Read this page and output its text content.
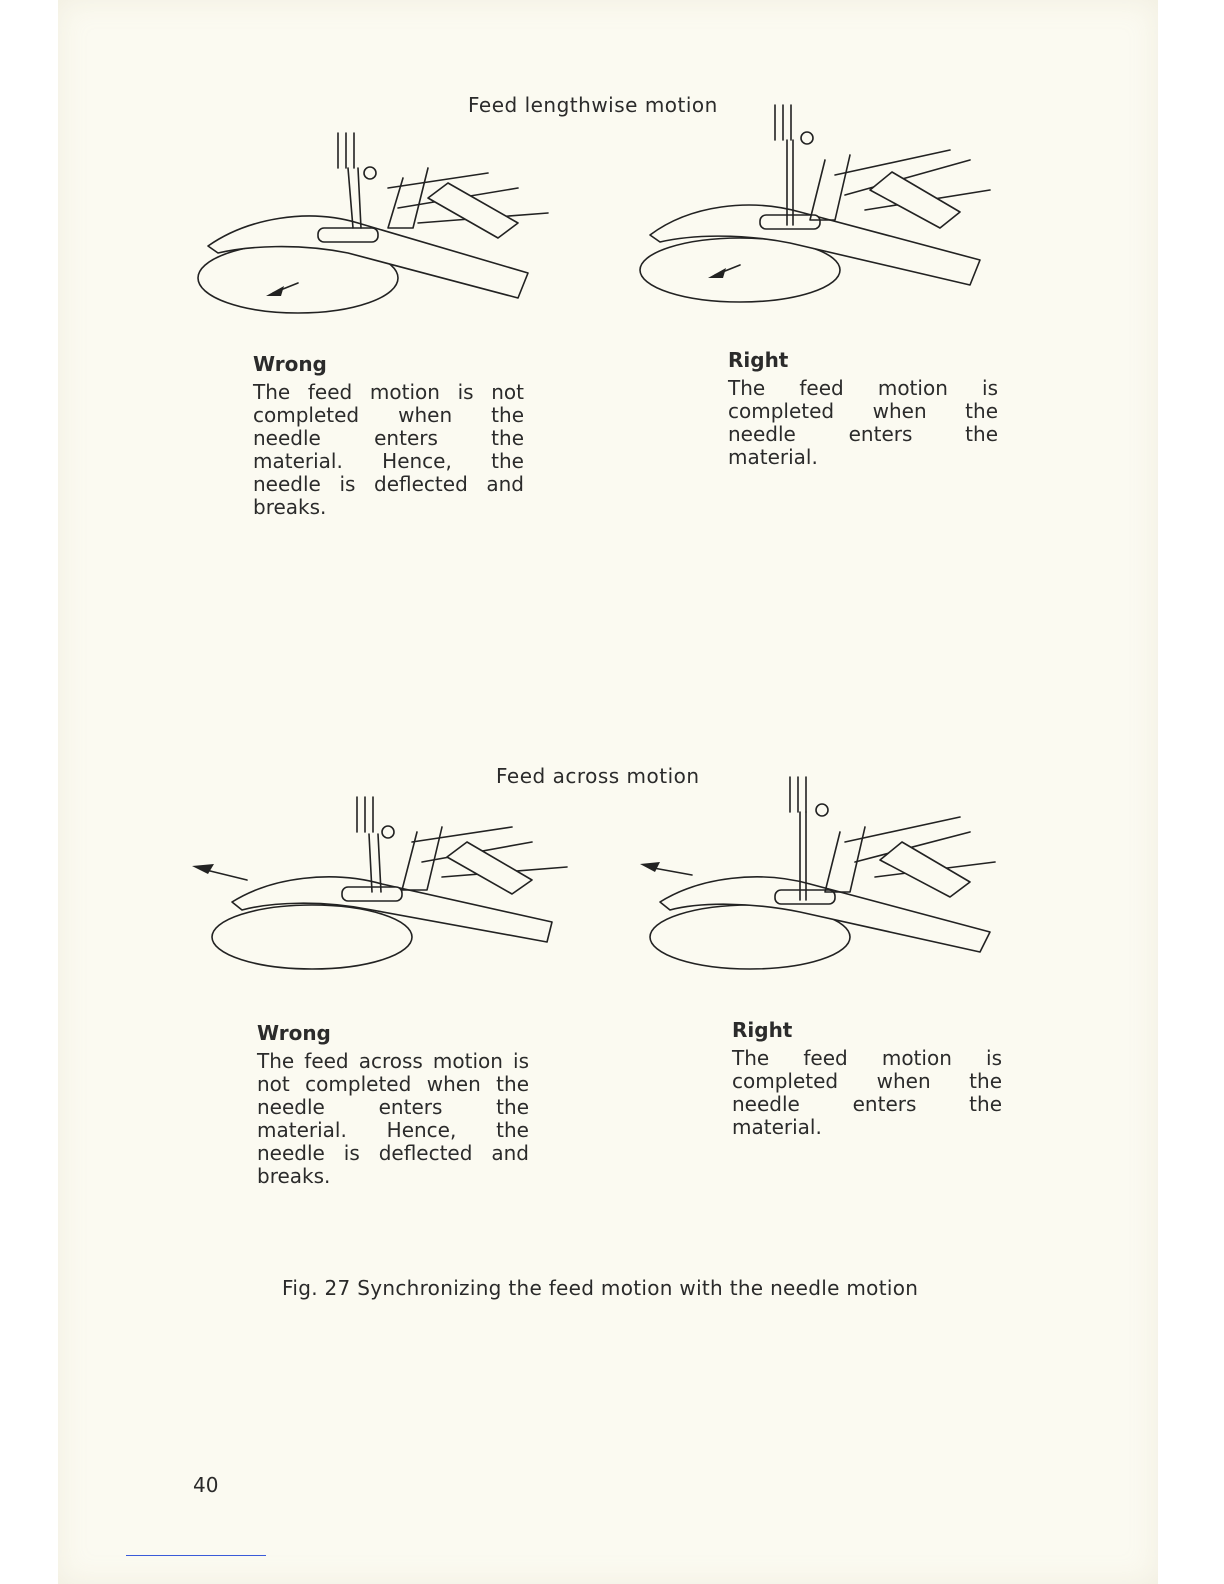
Feed lengthwise motion
Wrong
The feed motion is not completed when the needle enters the material. Hence, the needle is deflected and breaks.
Right
The feed motion is completed when the needle enters the material.
Feed across motion
Wrong
The feed across motion is not completed when the needle enters the material. Hence, the needle is deflected and breaks.
Right
The feed motion is completed when the needle enters the material.
Fig. 27 Synchronizing the feed motion with the needle motion
40
